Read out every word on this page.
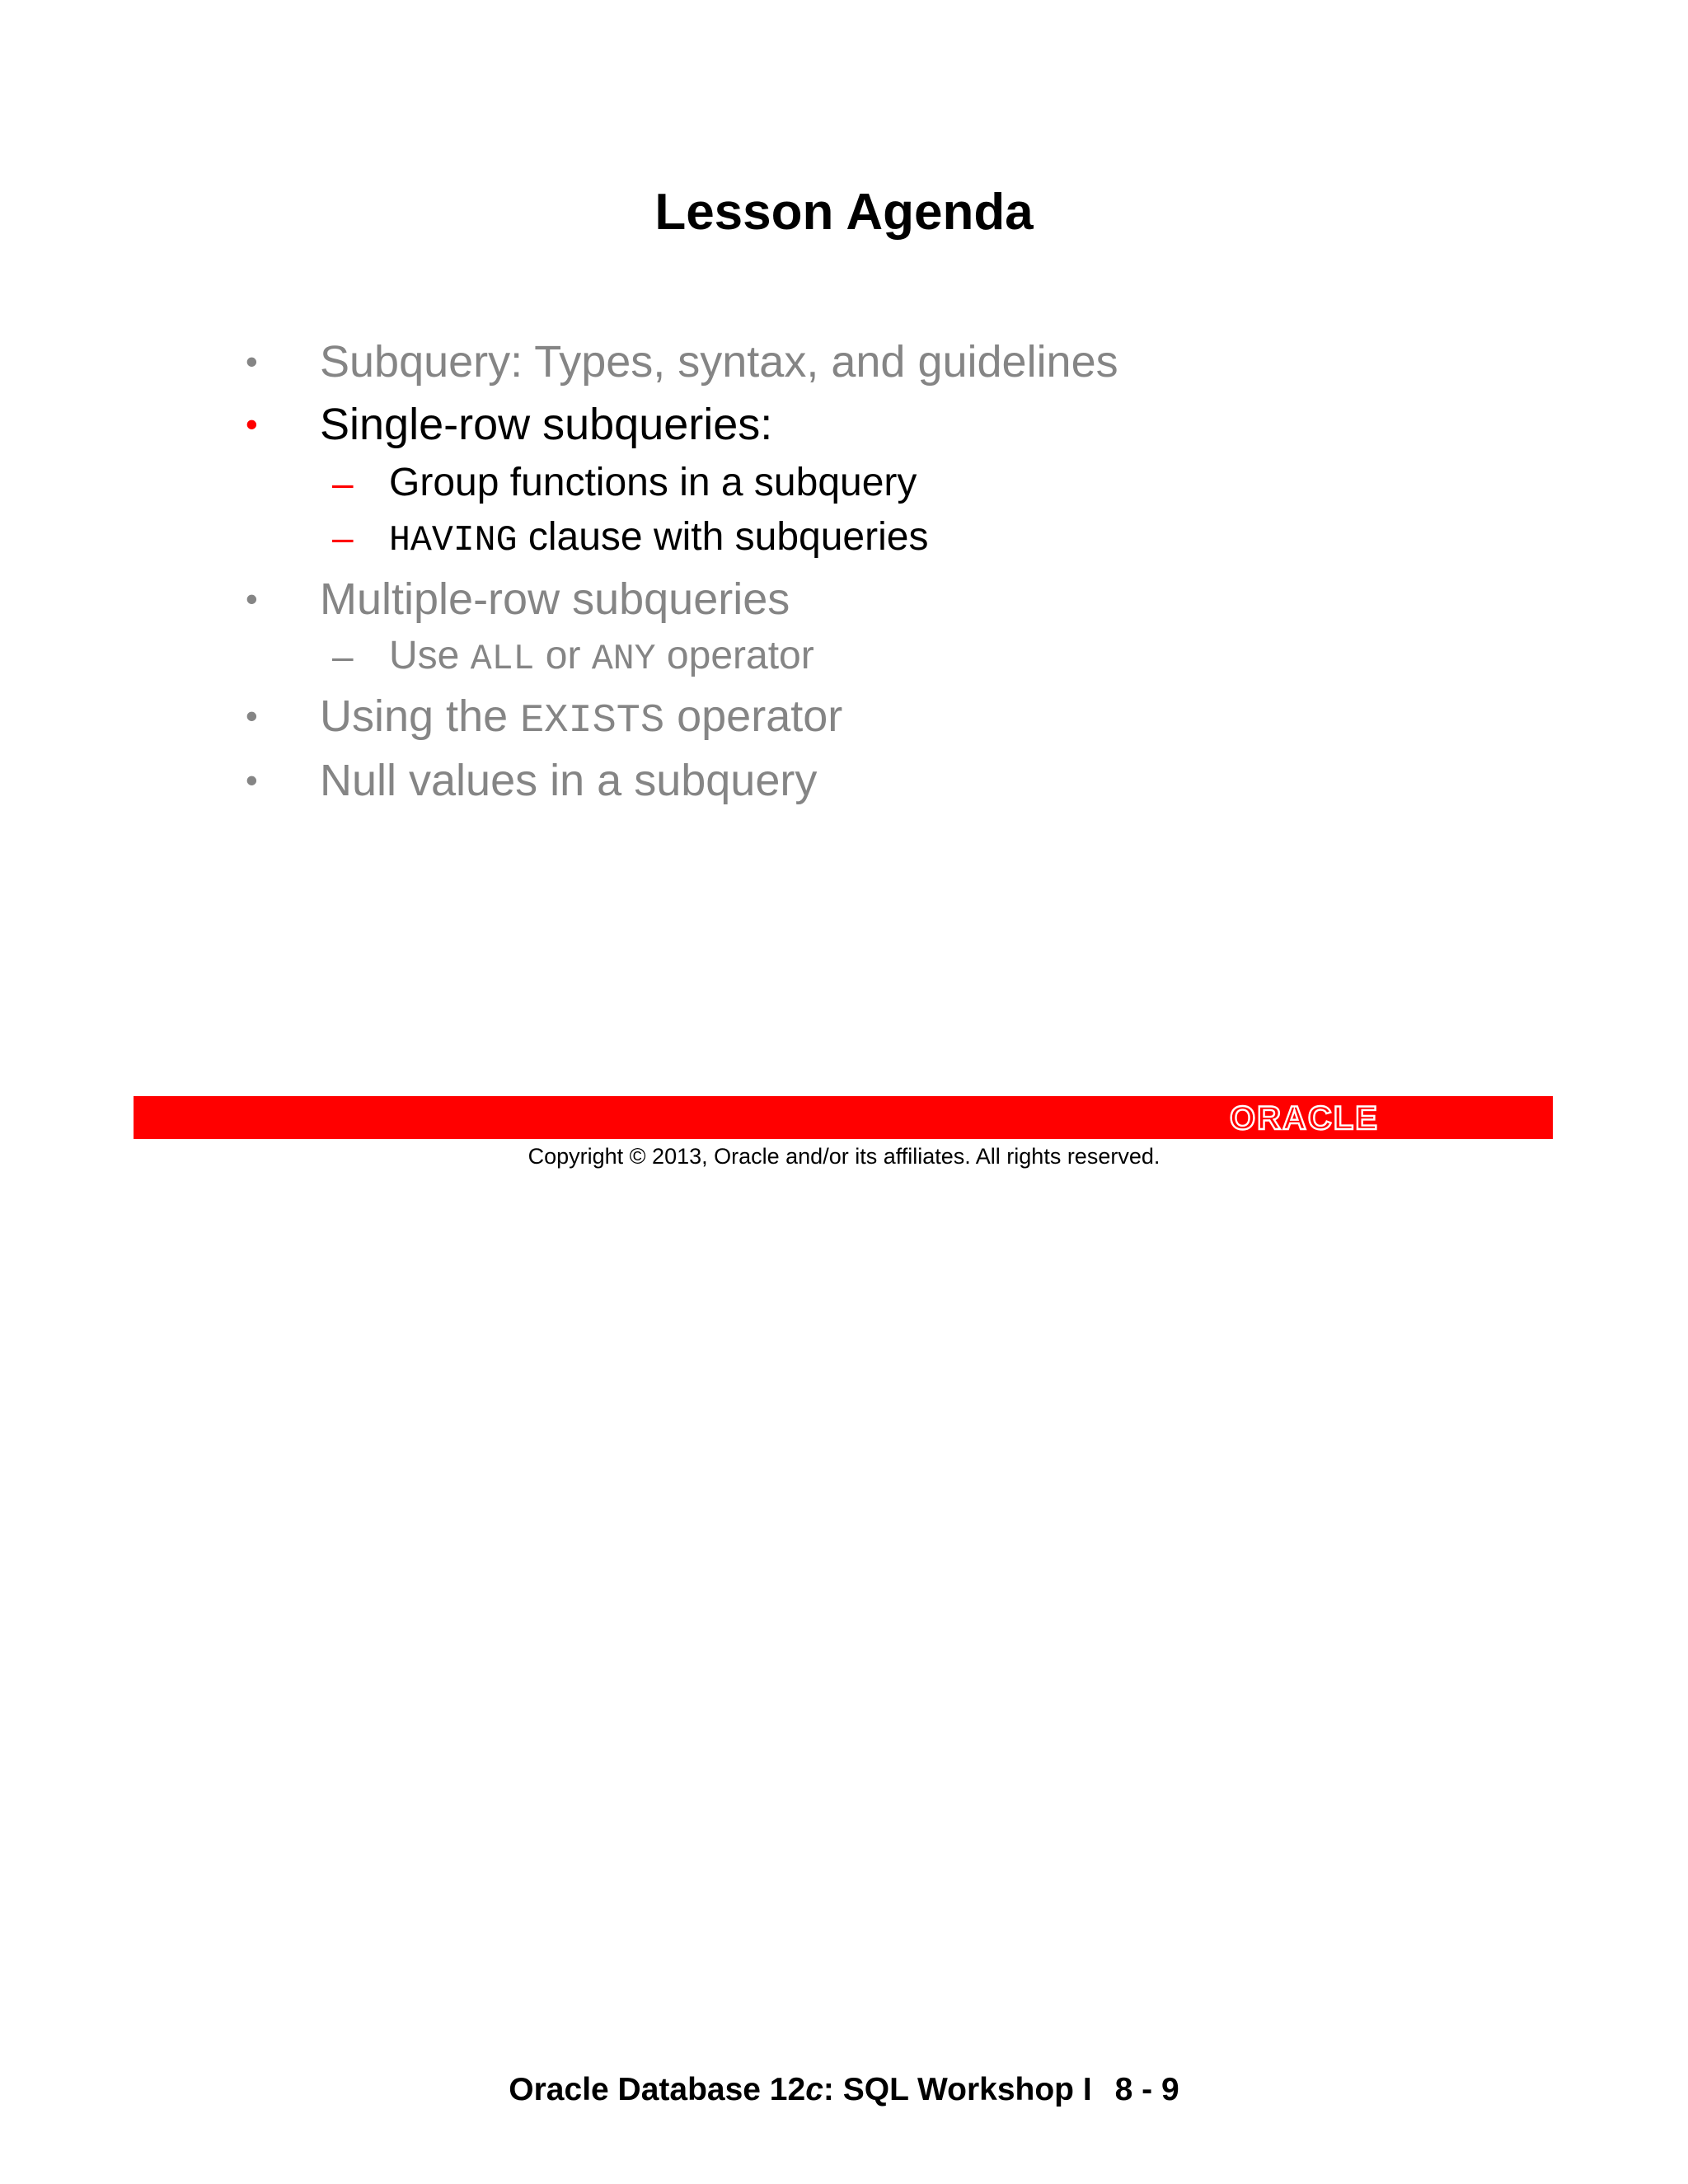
Lesson Agenda
• Subquery: Types, syntax, and guidelines
• Single-row subqueries:
– Group functions in a subquery
–	HAVING clause with subqueries
• Multiple-row subqueries
– Use ALL or ANY operator
• Using the EXISTS operator
• Null values in a subquery
ORACLE
Copyright © 2013, Oracle and/or its affiliates. All rights reserved.
Oracle Database 12c: SQL Workshop I 8 - 9
